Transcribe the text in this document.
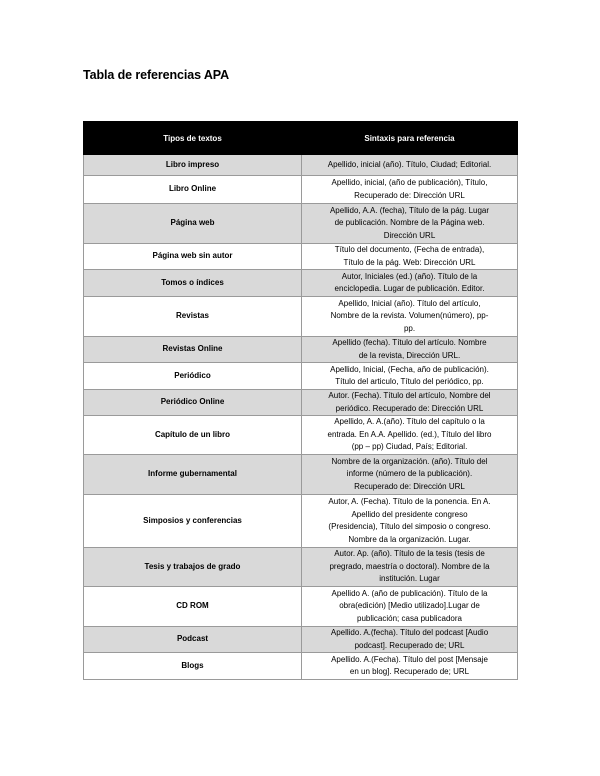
Tabla de referencias APA
Tipos de textos	Sintaxis para referencia
Libro impreso	Apellido, inicial (año). Título, Ciudad; Editorial.
Libro Online	Apellido, inicial, (año de publicación), Título,
Recuperado de: Dirección URL
Página web	Apellido, A.A. (fecha), Título de la pág. Lugar
de publicación. Nombre de la Página web.
Dirección URL
Página web sin autor	Título del documento, (Fecha de entrada),
Título de la pág. Web: Dirección URL
Tomos o índices	Autor, Iniciales (ed.) (año). Título de la
enciclopedia. Lugar de publicación. Editor.
Revistas	Apellido, Inicial (año). Título del artículo,
Nombre de la revista. Volumen(número), pp-
pp.
Revistas Online	Apellido (fecha). Título del artículo. Nombre
de la revista, Dirección URL.
Periódico	Apellido, Inicial, (Fecha, año de publicación).
Título del articulo, Título del periódico, pp.
Periódico Online	Autor. (Fecha). Título del artículo, Nombre del
periódico. Recuperado de: Dirección URL
Capítulo de un libro	Apellido, A. A.(año). Título del capítulo o la
entrada. En A.A. Apellido. (ed.), Título del libro
(pp – pp) Ciudad, País; Editorial.
Informe gubernamental	Nombre de la organización. (año). Título del
informe (número de la publicación).
Recuperado de: Dirección URL
Simposios y conferencias	Autor, A. (Fecha). Título de la ponencia. En A.
Apellido del presidente congreso
(Presidencia), Título del simposio o congreso.
Nombre da la organización. Lugar.
Tesis y trabajos de grado	Autor. Ap. (año). Título de la tesis (tesis de
pregrado, maestría o doctoral). Nombre de la
institución. Lugar
CD ROM	Apellido A. (año de publicación). Título de la
obra(edición) [Medio utilizado].Lugar de
publicación; casa publicadora
Podcast	Apellido. A.(fecha). Título del podcast [Audio
podcast]. Recuperado de; URL
Blogs	Apellido. A.(Fecha). Título del post [Mensaje
en un blog]. Recuperado de; URL
